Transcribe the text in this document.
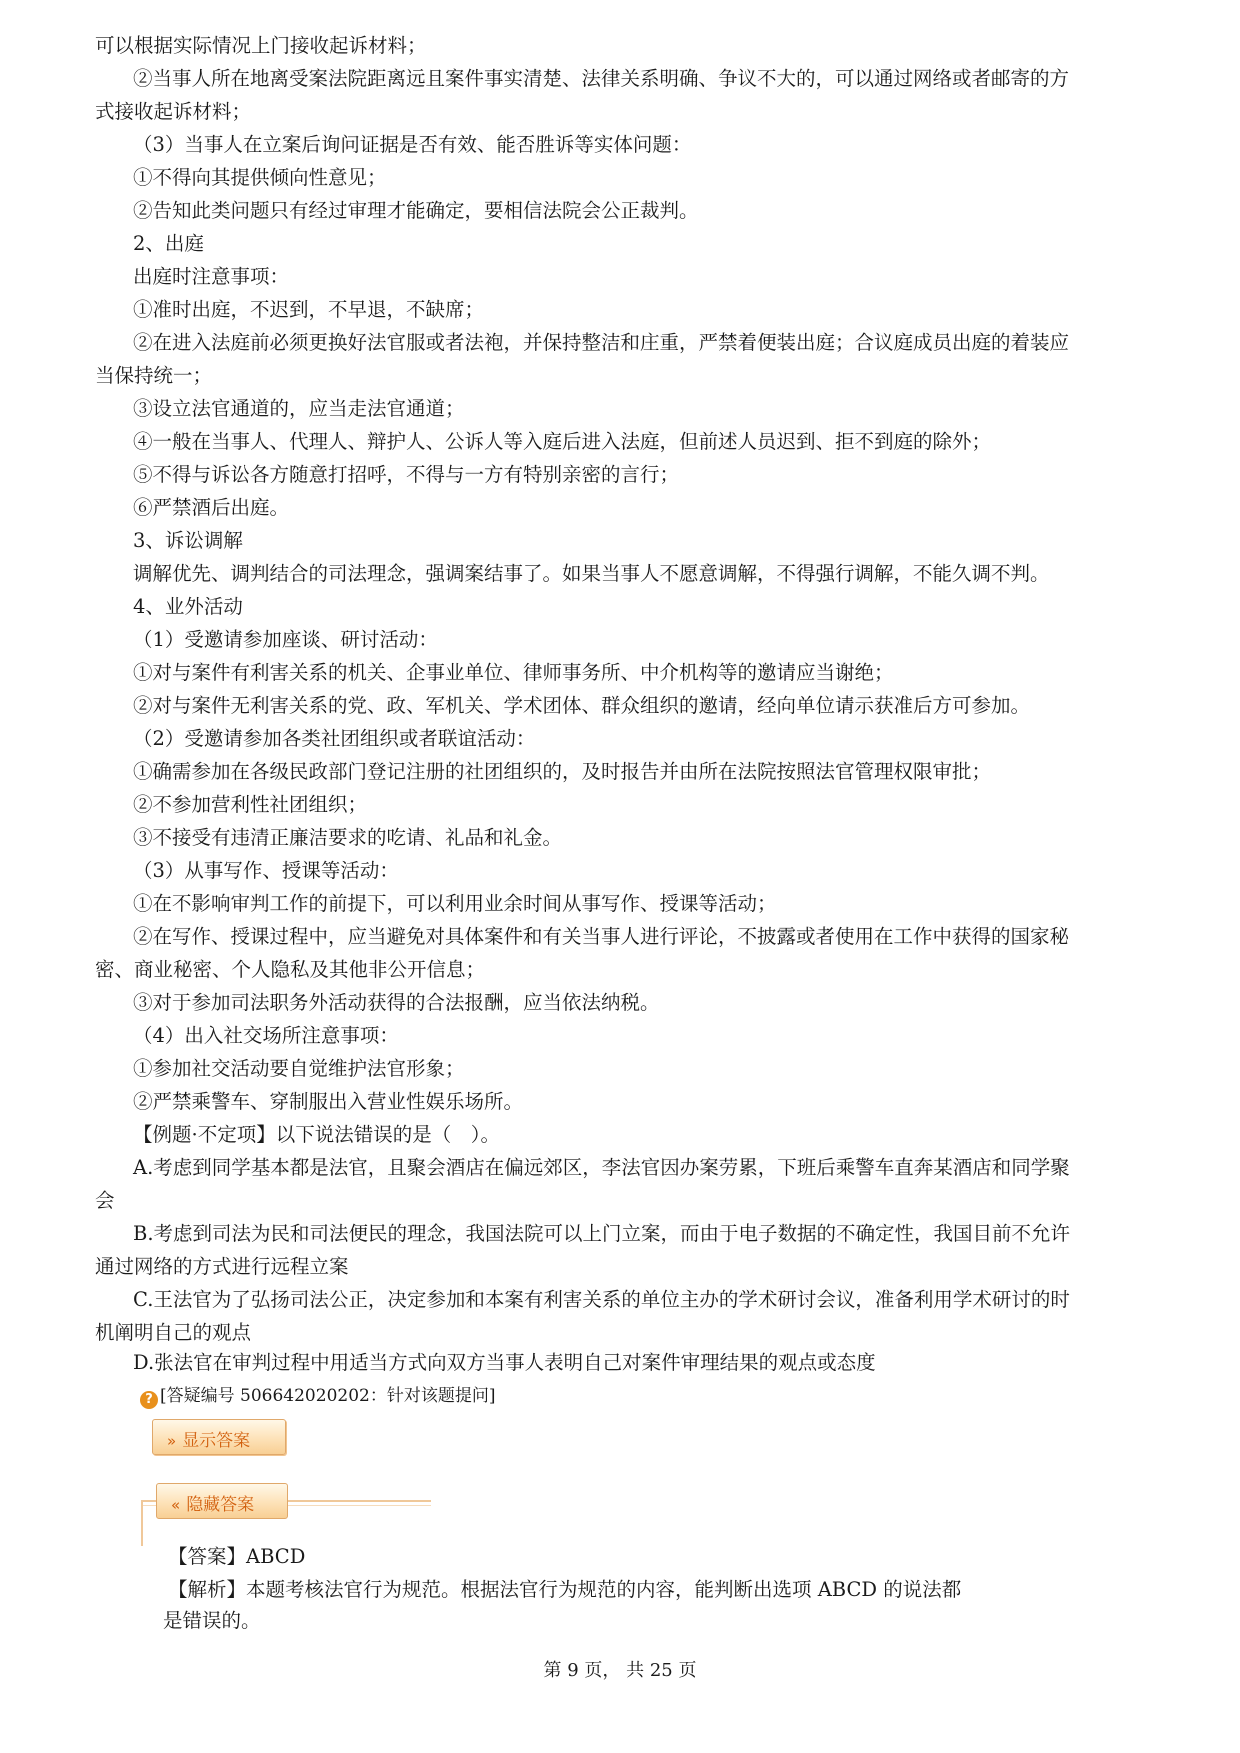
可以根据实际情况上门接收起诉材料；
②当事人所在地离受案法院距离远且案件事实清楚、法律关系明确、争议不大的，可以通过网络或者邮寄的方
式接收起诉材料；
（3）当事人在立案后询问证据是否有效、能否胜诉等实体问题：
①不得向其提供倾向性意见；
②告知此类问题只有经过审理才能确定，要相信法院会公正裁判。
2、出庭
出庭时注意事项：
①准时出庭，不迟到，不早退，不缺席；
②在进入法庭前必须更换好法官服或者法袍，并保持整洁和庄重，严禁着便装出庭；合议庭成员出庭的着装应
当保持统一；
③设立法官通道的，应当走法官通道；
④一般在当事人、代理人、辩护人、公诉人等入庭后进入法庭，但前述人员迟到、拒不到庭的除外；
⑤不得与诉讼各方随意打招呼，不得与一方有特别亲密的言行；
⑥严禁酒后出庭。
3、诉讼调解
调解优先、调判结合的司法理念，强调案结事了。如果当事人不愿意调解，不得强行调解，不能久调不判。
4、业外活动
（1）受邀请参加座谈、研讨活动：
①对与案件有利害关系的机关、企事业单位、律师事务所、中介机构等的邀请应当谢绝；
②对与案件无利害关系的党、政、军机关、学术团体、群众组织的邀请，经向单位请示获准后方可参加。
（2）受邀请参加各类社团组织或者联谊活动：
①确需参加在各级民政部门登记注册的社团组织的，及时报告并由所在法院按照法官管理权限审批；
②不参加营利性社团组织；
③不接受有违清正廉洁要求的吃请、礼品和礼金。
（3）从事写作、授课等活动：
①在不影响审判工作的前提下，可以利用业余时间从事写作、授课等活动；
②在写作、授课过程中，应当避免对具体案件和有关当事人进行评论，不披露或者使用在工作中获得的国家秘
密、商业秘密、个人隐私及其他非公开信息；
③对于参加司法职务外活动获得的合法报酬，应当依法纳税。
（4）出入社交场所注意事项：
①参加社交活动要自觉维护法官形象；
②严禁乘警车、穿制服出入营业性娱乐场所。
【例题·不定项】以下说法错误的是（　）。
A.考虑到同学基本都是法官，且聚会酒店在偏远郊区，李法官因办案劳累，下班后乘警车直奔某酒店和同学聚
会
B.考虑到司法为民和司法便民的理念，我国法院可以上门立案，而由于电子数据的不确定性，我国目前不允许
通过网络的方式进行远程立案
C.王法官为了弘扬司法公正，决定参加和本案有利害关系的单位主办的学术研讨会议，准备利用学术研讨的时
机阐明自己的观点
D.张法官在审判过程中用适当方式向双方当事人表明自己对案件审理结果的观点或态度
? [答疑编号 506642020202：针对该题提问]
» 显示答案
« 隐藏答案
【答案】ABCD
【解析】本题考核法官行为规范。根据法官行为规范的内容，能判断出选项 ABCD 的说法都
是错误的。
第 9 页， 共 25 页
